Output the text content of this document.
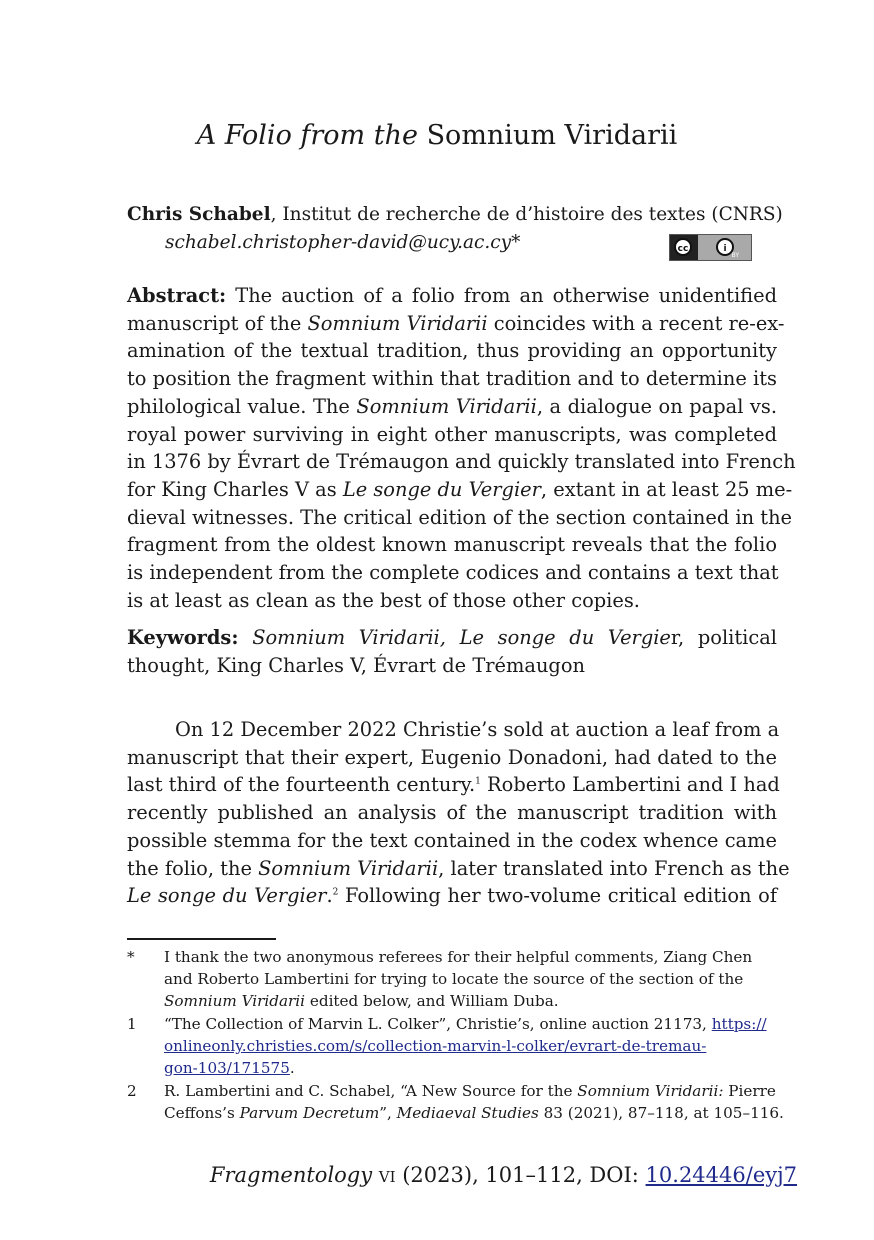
A Folio from the Somnium Viridarii
Chris Schabel, Institut de recherche de d’histoire des textes (CNRS)
schabel.christopher-david@ucy.ac.cy*	cc	i
BY
Abstract: The auction of a folio from an otherwise unidentified
manuscript of the Somnium Viridarii coincides with a recent re-ex-
amination of the textual tradition, thus providing an opportunity
to position the fragment within that tradition and to determine its
philological value. The Somnium Viridarii, a dialogue on papal vs.
royal power surviving in eight other manuscripts, was completed
in 1376 by Évrart de Trémaugon and quickly translated into French
for King Charles V as Le songe du Vergier, extant in at least 25 me-
dieval witnesses. The critical edition of the section contained in the
fragment from the oldest known manuscript reveals that the folio
is independent from the complete codices and contains a text that
is at least as clean as the best of those other copies.
Keywords: Somnium Viridarii, Le songe du Vergier, political
thought, King Charles V, Évrart de Trémaugon
On 12 December 2022 Christie’s sold at auction a leaf from a
manuscript that their expert, Eugenio Donadoni, had dated to the
last third of the fourteenth century.$^1$ Roberto Lambertini and I had
recently published an analysis of the manuscript tradition with
possible stemma for the text contained in the codex whence came
the folio, the Somnium Viridarii, later translated into French as the
Le songe du Vergier.$^2$ Following her two-volume critical edition of
*	I thank the two anonymous referees for their helpful comments, Ziang Chen
and Roberto Lambertini for trying to locate the source of the section of the
Somnium Viridarii edited below, and William Duba.
1	“The Collection of Marvin L. Colker”, Christie’s, online auction 21173, https://
onlineonly.christies.com/s/collection-marvin-l-colker/evrart-de-tremau-
gon-103/171575.
2	R. Lambertini and C. Schabel, “A New Source for the Somnium Viridarii: Pierre
Ceffons’s Parvum Decretum”, Mediaeval Studies 83 (2021), 87–118, at 105–116.
Fragmentology vi (2023), 101–112, DOI: 10.24446/eyj7
